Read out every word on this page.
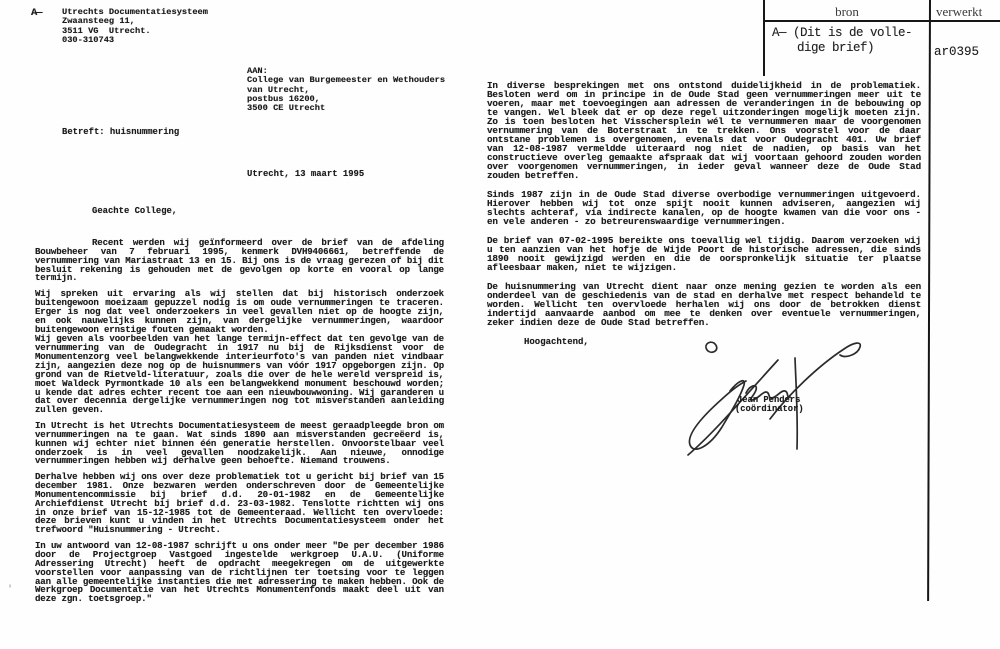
bron	verwerkt
A— (Dit is de volle-
dige brief)	ar0395
A— Utrechts Documentatiesysteem
Zwaansteeg 11,
3511 VG  Utrecht.
030-310743
AAN:
College van Burgemeester en Wethouders
van Utrecht,
postbus 16200,
3500 CE Utrecht
Betreft: huisnummering
Utrecht, 13 maart 1995
Geachte College,

Recent werden wij geïnformeerd over de brief van de afdeling Bouwbeheer van 7 februari 1995, kenmerk DVH9406661, betreffende de vernummering van Mariastraat 13 en 15. Bij ons is de vraag gerezen of bij dit besluit rekening is gehouden met de gevolgen op korte en vooral op lange termijn.

Wij spreken uit ervaring als wij stellen dat bij historisch onderzoek buitengewoon moeizaam gepuzzel nodig is om oude vernummeringen te traceren. Erger is nog dat veel onderzoekers in veel gevallen niet op de hoogte zijn, en ook nauwelijks kunnen zijn, van dergelijke vernummeringen, waardoor buitengewoon ernstige fouten gemaakt worden.

Wij geven als voorbeelden van het lange termijn-effect dat ten gevolge van de vernummering van de Oudegracht in 1917 nu bij de Rijksdienst voor de Monumentenzorg veel belangwekkende interieurfoto's van panden niet vindbaar zijn, aangezien deze nog op de huisnummers van vóór 1917 opgeborgen zijn. Op grond van de Rietveld-literatuur, zoals die over de hele wereld verspreid is, moet Waldeck Pyrmontkade 10 als een belangwekkend monument beschouwd worden; u kende dat adres echter recent toe aan een nieuwbouwwoning. Wij garanderen u dat over decennia dergelijke vernummeringen nog tot misverstanden aanleiding zullen geven.

In Utrecht is het Utrechts Documentatiesysteem de meest geraadpleegde bron om vernummeringen na te gaan. Wat sinds 1890 aan misverstanden gecreëerd is, kunnen wij echter niet binnen één generatie herstellen. Onvoorstelbaar veel onderzoek is in veel gevallen noodzakelijk. Aan nieuwe, onnodige vernummeringen hebben wij derhalve geen behoefte. Niemand trouwens.

Derhalve hebben wij ons over deze problematiek tot u gericht bij brief van 15 december 1981. Onze bezwaren werden onderschreven door de Gemeentelijke Monumentencommissie bij brief d.d. 20-01-1982 en de Gemeentelijke Archiefdienst Utrecht bij brief d.d. 23-03-1982. Tenslotte richtten wij ons in onze brief van 15-12-1985 tot de Gemeenteraad. Wellicht ten overvloede: deze brieven kunt u vinden in het Utrechts Documentatiesysteem onder het trefwoord "Huisnummering - Utrecht.

In uw antwoord van 12-08-1987 schrijft u ons onder meer "De per december 1986 door de Projectgroep Vastgoed ingestelde werkgroep U.A.U. (Uniforme Adressering Utrecht) heeft de opdracht meegekregen om de uitgewerkte voorstellen voor aanpassing van de richtlijnen ter toetsing voor te leggen aan alle gemeentelijke instanties die met adressering te maken hebben. Ook de Werkgroep Documentatie van het Utrechts Monumentenfonds maakt deel uit van deze zgn. toetsgroep."

In diverse besprekingen met ons ontstond duidelijkheid in de problematiek. Besloten werd om in principe in de Oude Stad geen vernummeringen meer uit te voeren, maar met toevoegingen aan adressen de veranderingen in de bebouwing op te vangen. Wel bleek dat er op deze regel uitzonderingen mogelijk moeten zijn. Zo is toen besloten het Visschersplein wél te vernummeren maar de voorgenomen vernummering van de Boterstraat in te trekken. Ons voorstel voor de daar ontstane problemen is overgenomen, evenals dat voor Oudegracht 401. Uw brief van 12-08-1987 vermeldde uiteraard nog niet de nadien, op basis van het constructieve overleg gemaakte afspraak dat wij voortaan gehoord zouden worden over voorgenomen vernummeringen, in ieder geval wanneer deze de Oude Stad zouden betreffen.

Sinds 1987 zijn in de Oude Stad diverse overbodige vernummeringen uitgevoerd. Hierover hebben wij tot onze spijt nooit kunnen adviseren, aangezien wij slechts achteraf, via indirecte kanalen, op de hoogte kwamen van die voor ons - en vele anderen - zo betreurenswaardige vernummeringen.

De brief van 07-02-1995 bereikte ons toevallig wel tijdig. Daarom verzoeken wij u ten aanzien van het hofje de Wijde Poort de historische adressen, die sinds 1890 nooit gewijzigd werden en die de oorspronkelijk situatie ter plaatse afleesbaar maken, niet te wijzigen.

De huisnummering van Utrecht dient naar onze mening gezien te worden als een onderdeel van de geschiedenis van de stad en derhalve met respect behandeld te worden. Wellicht ten overvloede herhalen wij ons door de betrokken dienst indertijd aanvaarde aanbod om mee te denken over eventuele vernummeringen, zeker indien deze de Oude Stad betreffen.

Hoogachtend,
Jean Penders
(coördinator)
'
